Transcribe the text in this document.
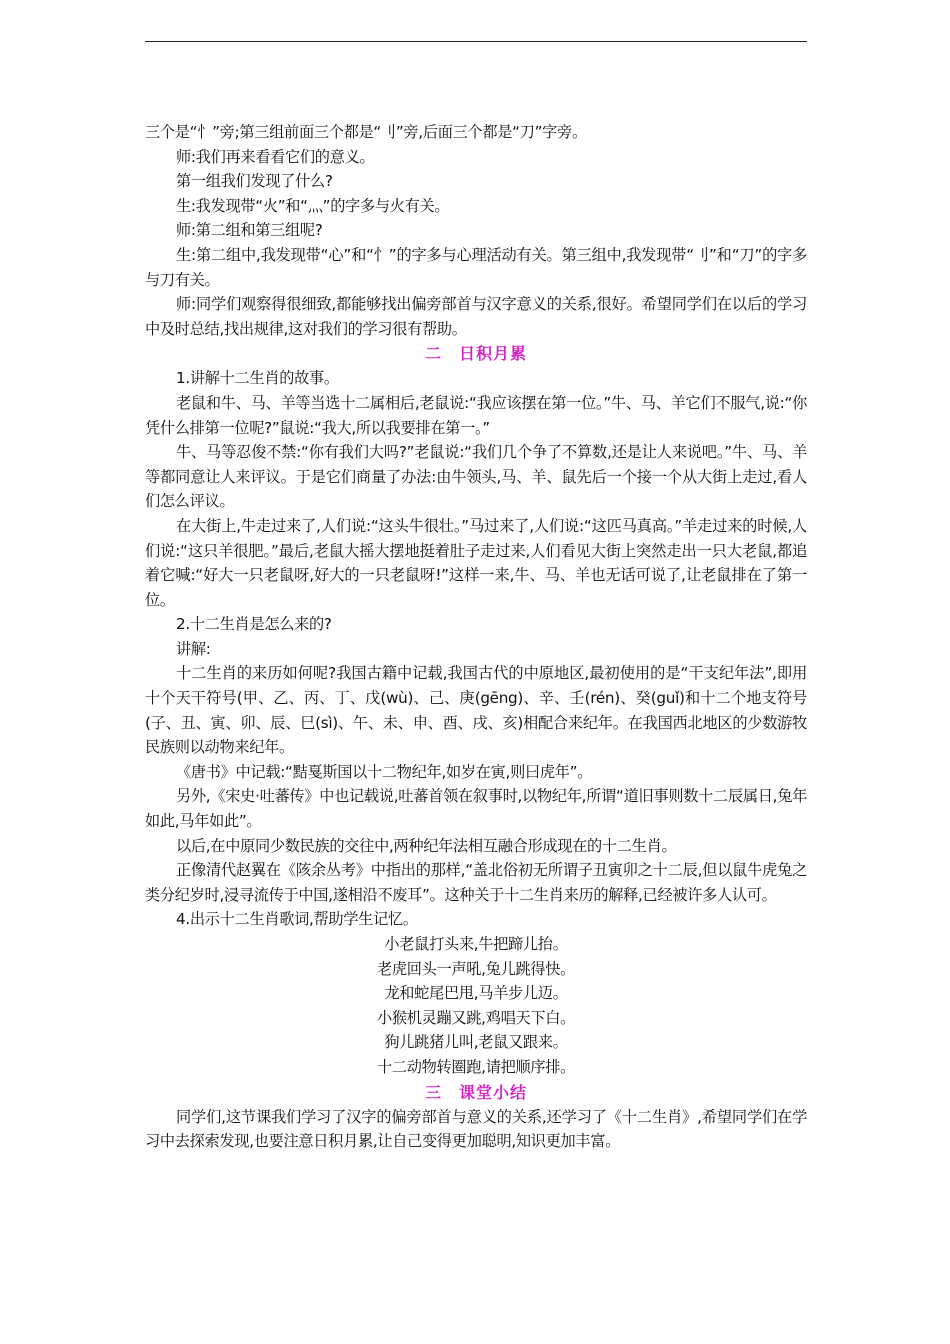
三个是“忄”旁;第三组前面三个都是“刂”旁,后面三个都是“刀”字旁。

师:我们再来看看它们的意义。

第一组我们发现了什么?

生:我发现带“火”和“灬”的字多与火有关。

师:第二组和第三组呢?

生:第二组中,我发现带“心”和“忄”的字多与心理活动有关。第三组中,我发现带“刂”和“刀”的字多与刀有关。

师:同学们观察得很细致,都能够找出偏旁部首与汉字意义的关系,很好。希望同学们在以后的学习中及时总结,找出规律,这对我们的学习很有帮助。

二　日积月累

1.讲解十二生肖的故事。

老鼠和牛、马、羊等当选十二属相后,老鼠说:“我应该摆在第一位。”牛、马、羊它们不服气,说:“你凭什么排第一位呢?”鼠说:“我大,所以我要排在第一。”

牛、马等忍俊不禁:“你有我们大吗?”老鼠说:“我们几个争了不算数,还是让人来说吧。”牛、马、羊等都同意让人来评议。于是它们商量了办法:由牛领头,马、羊、鼠先后一个接一个从大街上走过,看人们怎么评议。

在大街上,牛走过来了,人们说:“这头牛很壮。”马过来了,人们说:“这匹马真高。”羊走过来的时候,人们说:“这只羊很肥。”最后,老鼠大摇大摆地挺着肚子走过来,人们看见大街上突然走出一只大老鼠,都追着它喊:“好大一只老鼠呀,好大的一只老鼠呀!”这样一来,牛、马、羊也无话可说了,让老鼠排在了第一位。

2.十二生肖是怎么来的?

讲解:

十二生肖的来历如何呢?我国古籍中记载,我国古代的中原地区,最初使用的是“干支纪年法”,即用十个天干符号(甲、乙、丙、丁、戊(wù)、己、庚(gēng)、辛、壬(rén)、癸(guǐ)和十二个地支符号(子、丑、寅、卯、辰、巳(sì)、午、未、申、酉、戌、亥)相配合来纪年。在我国西北地区的少数游牧民族则以动物来纪年。

《唐书》中记载:“黠戛斯国以十二物纪年,如岁在寅,则曰虎年”。

另外,《宋史·吐蕃传》中也记载说,吐蕃首领在叙事时,以物纪年,所谓“道旧事则数十二辰属日,兔年如此,马年如此”。

以后,在中原同少数民族的交往中,两种纪年法相互融合形成现在的十二生肖。

正像清代赵翼在《陔余丛考》中指出的那样,“盖北俗初无所谓子丑寅卯之十二辰,但以鼠牛虎兔之类分纪岁时,浸寻流传于中国,遂相沿不废耳”。这种关于十二生肖来历的解释,已经被许多人认可。

4.出示十二生肖歌词,帮助学生记忆。

小老鼠打头来,牛把蹄儿抬。

老虎回头一声吼,兔儿跳得快。

龙和蛇尾巴甩,马羊步儿迈。

小猴机灵蹦又跳,鸡唱天下白。

狗儿跳猪儿叫,老鼠又跟来。

十二动物转圈跑,请把顺序排。

三　课堂小结

同学们,这节课我们学习了汉字的偏旁部首与意义的关系,还学习了《十二生肖》,希望同学们在学习中去探索发现,也要注意日积月累,让自己变得更加聪明,知识更加丰富。
